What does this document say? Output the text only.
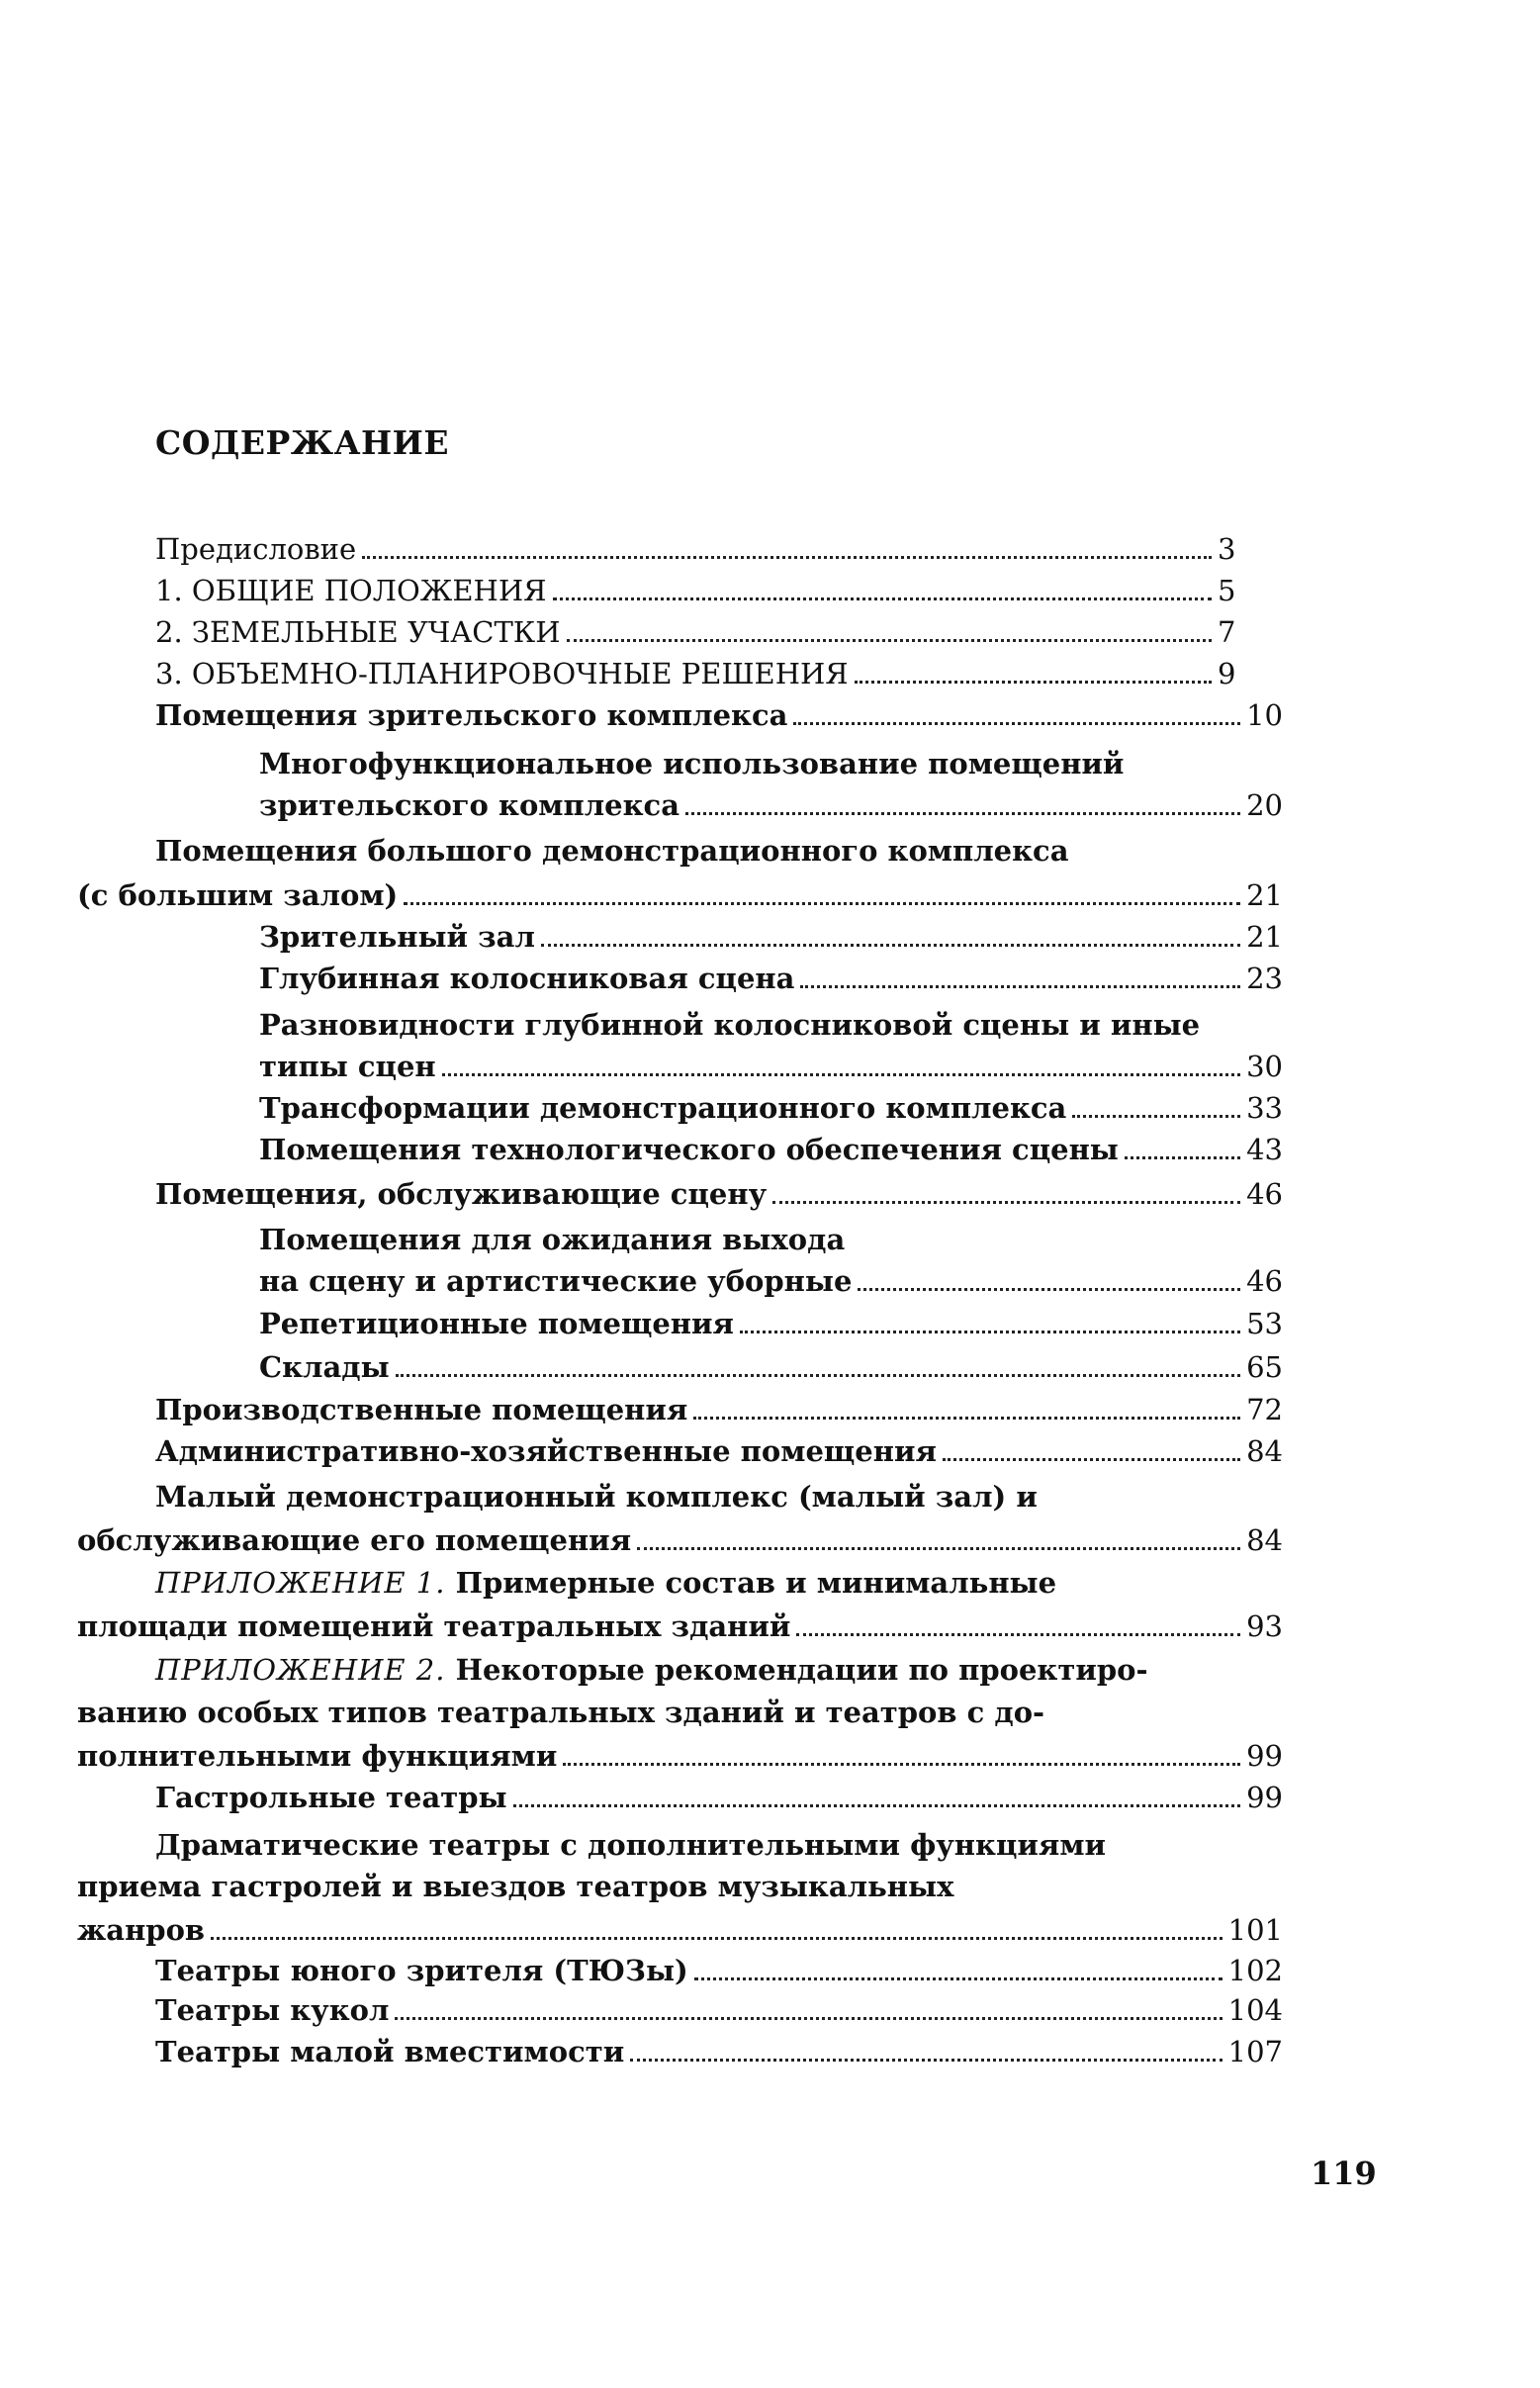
СОДЕРЖАНИЕ
Предисловие	3
1. ОБЩИЕ ПОЛОЖЕНИЯ	5
2. ЗЕМЕЛЬНЫЕ УЧАСТКИ	7
3. ОБЪЕМНО-ПЛАНИРОВОЧНЫЕ РЕШЕНИЯ	9
Помещения зрительского комплекса	10
Многофункциональное использование помещений
зрительского комплекса	20
Помещения большого демонстрационного комплекса
(с большим залом)	21
Зрительный зал	21
Глубинная колосниковая сцена	23
Разновидности глубинной колосниковой сцены и иные
типы сцен	30
Трансформации демонстрационного комплекса	33
Помещения технологического обеспечения сцены	43
Помещения, обслуживающие сцену	46
Помещения для ожидания выхода
на сцену и артистические уборные	46
Репетиционные помещения	53
Склады	65
Производственные помещения	72
Административно-хозяйственные помещения	84
Малый демонстрационный комплекс (малый зал) и
обслуживающие его помещения	84
ПРИЛОЖЕНИЕ 1. Примерные состав и минимальные
площади помещений театральных зданий	93
ПРИЛОЖЕНИЕ 2. Некоторые рекомендации по проектиро-
ванию особых типов театральных зданий и театров с до-
полнительными функциями	99
Гастрольные театры	99
Драматические театры с дополнительными функциями
приема гастролей и выездов театров музыкальных
жанров	101
Театры юного зрителя (ТЮЗы)	102
Театры кукол	104
Театры малой вместимости	107
119
